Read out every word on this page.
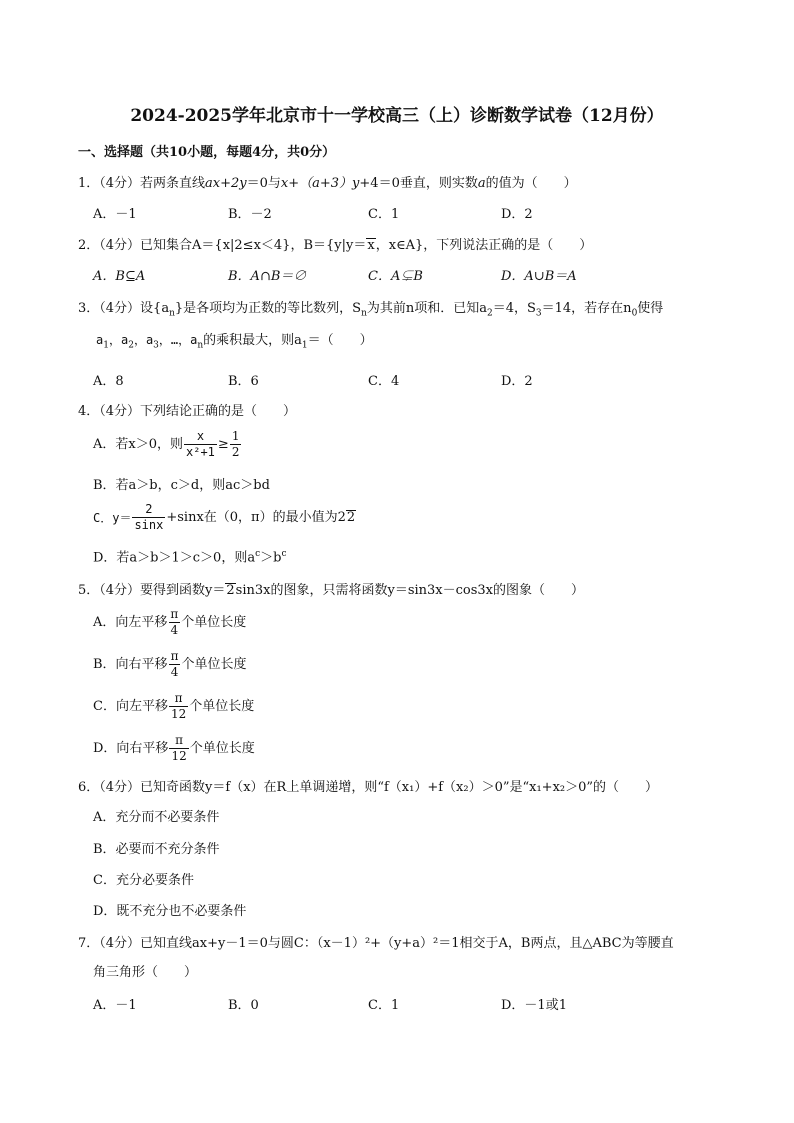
2024-2025学年北京市十一学校高三（上）诊断数学试卷（12月份）
一、选择题（共10小题，每题4分，共0分）
1．（4分）若两条直线ax+2y＝0与x+（a+3）y+4＝0垂直，则实数a的值为（　　）
A．－1	B．－2	C．1	D．2
2．（4分）已知集合A＝{x|2≤x＜4}，B＝{y|y＝x，x∈A}，下列说法正确的是（　　）
A．B⊆A	B．A∩B＝∅	C．A⊊B	D．A∪B＝A
3．（4分）设$\{a_n\}$是各项均为正数的等比数列，$S_n$为其前n项和．已知$a_2=4$，$S_3=14$，若存在$n_0$使得
$a_1$，$a_2$，$a_3$，…，$a_n$的乘积最大，则$a_1=$（　　）
A．8	B．6	C．4	D．2
4．（4分）下列结论正确的是（　　）
A．若x＞0，则 $\frac{x}{\text{x²+1}} \ge \frac{1}{2}$
B．若a＞b，c＞d，则ac＞bd
C．$y= \frac{2}{\sin x} +\sin x$在（0，π）的最小值为2 2
D．若a＞b＞1＞c＞0，则$a^c>b^c$
5．（4分）要得到函数y＝2sin3x的图象，只需将函数y＝sin3x－cos3x的图象（　　）
A．向左平移 $\frac{\pi}{4}$ 个单位长度
B．向右平移 $\frac{\pi}{4}$ 个单位长度
C．向左平移 $\frac{\pi}{12}$ 个单位长度
D．向右平移 $\frac{\pi}{12}$ 个单位长度
6．（4分）已知奇函数y＝f（x）在R上单调递增，则“f（x₁）+f（x₂）＞0”是“x₁+x₂＞0”的（　　）
A．充分而不必要条件
B．必要而不充分条件
C．充分必要条件
D．既不充分也不必要条件
7．（4分）已知直线ax+y－1＝0与圆C：（x－1）²+（y+a）²＝1相交于A，B两点，且△ABC为等腰直
角三角形（　　）
A．－1	B．0	C．1	D．－1或1
